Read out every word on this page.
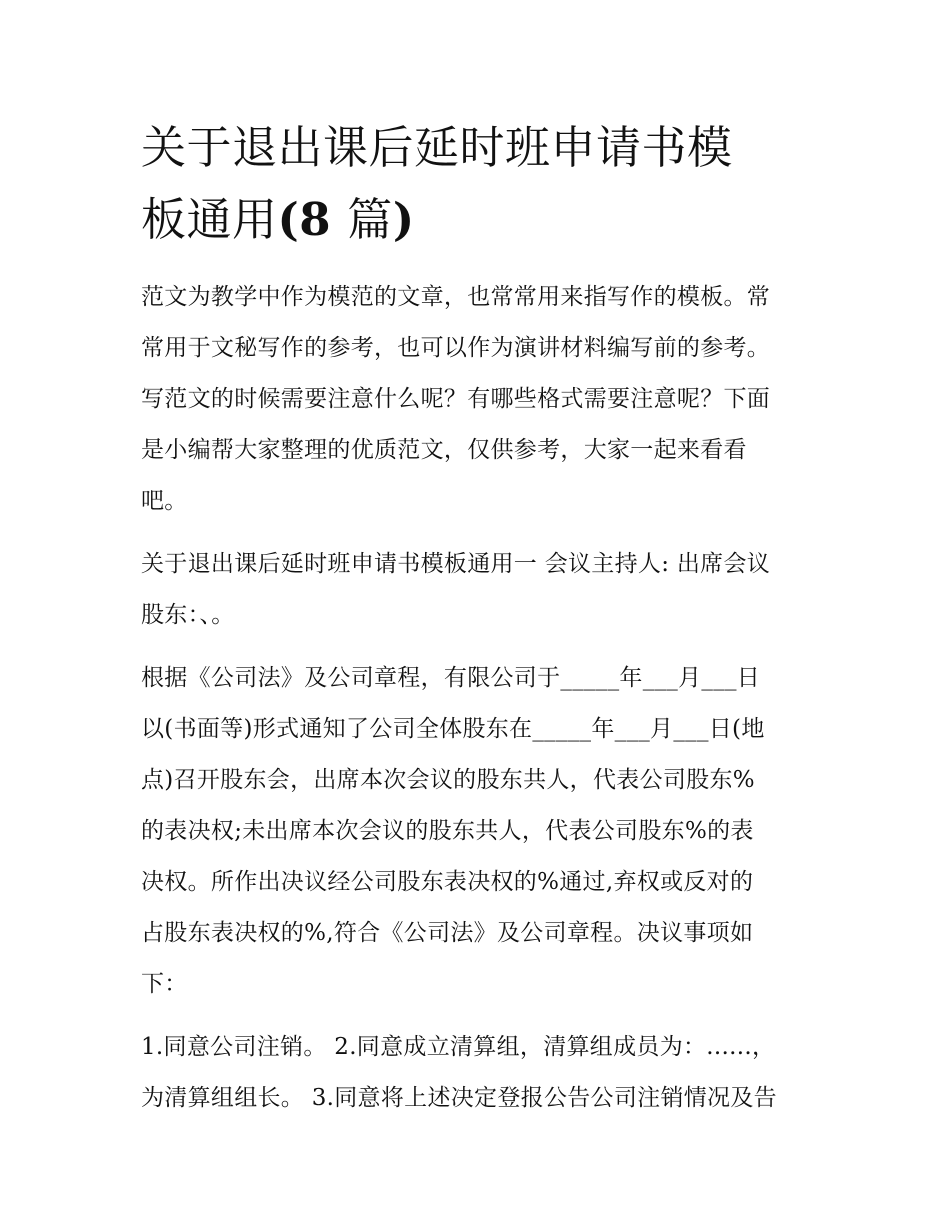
关于退出课后延时班申请书模
板通用(8 篇)
范文为教学中作为模范的文章，也常常用来指写作的模板。常
常用于文秘写作的参考，也可以作为演讲材料编写前的参考。
写范文的时候需要注意什么呢？有哪些格式需要注意呢？下面
是小编帮大家整理的优质范文，仅供参考，大家一起来看看
吧。
关于退出课后延时班申请书模板通用一 会议主持人: 出席会议
股东：、。
根据《公司法》及公司章程，有限公司于_____年___月___日
以(书面等)形式通知了公司全体股东在_____年___月___日(地
点)召开股东会，出席本次会议的股东共人，代表公司股东%
的表决权;未出席本次会议的股东共人，代表公司股东%的表
决权。所作出决议经公司股东表决权的%通过,弃权或反对的
占股东表决权的%,符合《公司法》及公司章程。决议事项如
下：
1.同意公司注销。 2.同意成立清算组，清算组成员为：......，
为清算组组长。 3.同意将上述决定登报公告公司注销情况及告
